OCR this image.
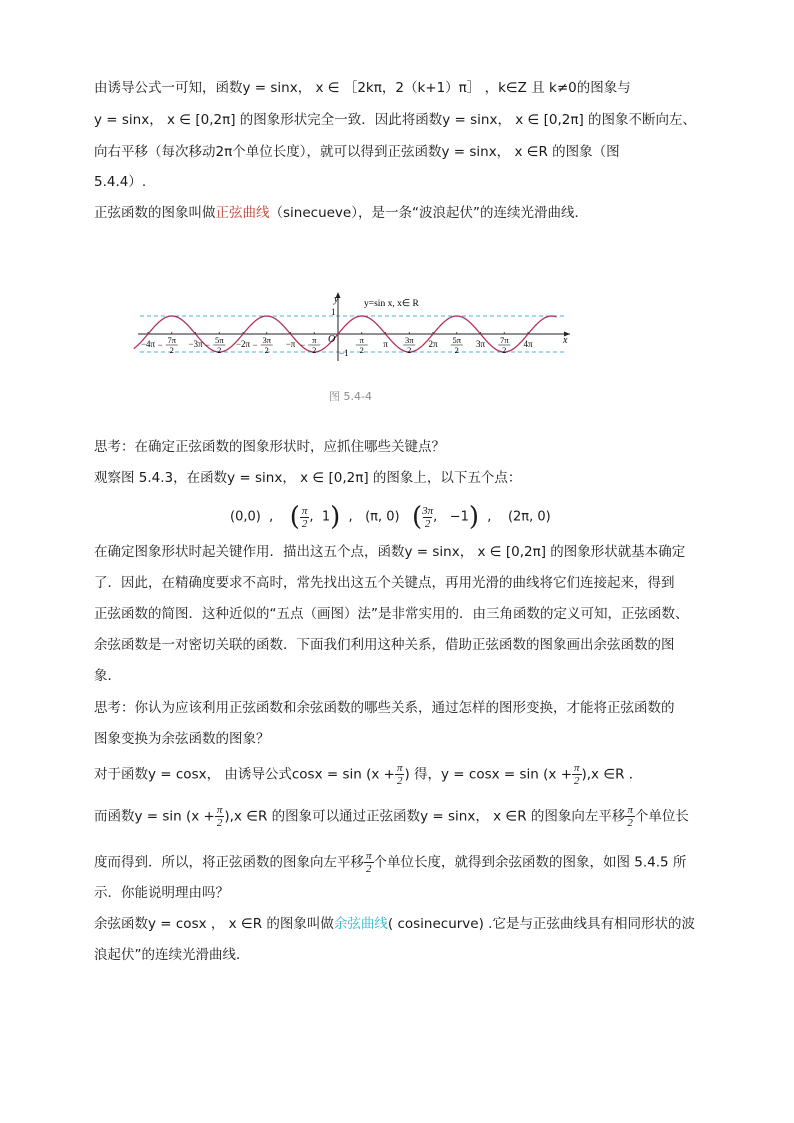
由诱导公式一可知，函数y = sinx， x ∈ ［2kπ，2（k+1）π］ ，k∈Z 且 k≠0的图象与
y = sinx， x ∈ [0,2π] 的图象形状完全一致．因此将函数y = sinx， x ∈ [0,2π] 的图象不断向左、
向右平移（每次移动2π个单位长度），就可以得到正弦函数y = sinx， x ∈R 的图象（图
5.4.4）.
正弦函数的图象叫做正弦曲线（sinecueve），是一条“波浪起伏”的连续光滑曲线．
−4π − 7π
2
−3π − 5π
2
−2π − 3π
2
−π − π
2
π
2
π 3π
2
2π 5π
2
3π 7π
2
4π
y
x
O
1
−1
y=sin x, x∈ R
图 5.4-4
思考：在确定正弦函数的图象形状时，应抓住哪些关键点？
观察图 5.4.3，在函数y = sinx， x ∈ [0,2π] 的图象上，以下五个点：
(0,0)  ,    ( $\frac{\pi}{2}$ ,  1)  ,   (π, 0) ( $\frac{3\pi}{2}$ ,   −1)  ,    (2π, 0)
在确定图象形状时起关键作用．描出这五个点，函数y = sinx， x ∈ [0,2π] 的图象形状就基本确定
了．因此，在精确度要求不高时，常先找出这五个关键点，再用光滑的曲线将它们连接起来，得到
正弦函数的简图．这种近似的“五点（画图）法”是非常实用的．由三角函数的定义可知，正弦函数、
余弦函数是一对密切关联的函数．下面我们利用这种关系，借助正弦函数的图象画出余弦函数的图
象．
思考：你认为应该利用正弦函数和余弦函数的哪些关系，通过怎样的图形变换，才能将正弦函数的
图象变换为余弦函数的图象？
对于函数y = cosx， 由诱导公式$\cos x = \sin (x + \frac{\pi}{2}$ ) 得，$y = \cos x = \sin (x + \frac{\pi}{2} ),x$ ∈R ．
而函数$y = \sin (x + \frac{\pi}{2} ),x$ ∈R 的图象可以通过正弦函数y = sinx， x ∈R 的图象向左平移 $\frac{\pi}{2}$ 个单位长
度而得到．所以，将正弦函数的图象向左平移 $\frac{\pi}{2}$ 个单位长度，就得到余弦函数的图象，如图 5.4.5 所
示．你能说明理由吗？
余弦函数y = cosx ， x ∈R 的图象叫做余弦曲线( cosinecurve) .它是与正弦曲线具有相同形状的波
浪起伏”的连续光滑曲线．
